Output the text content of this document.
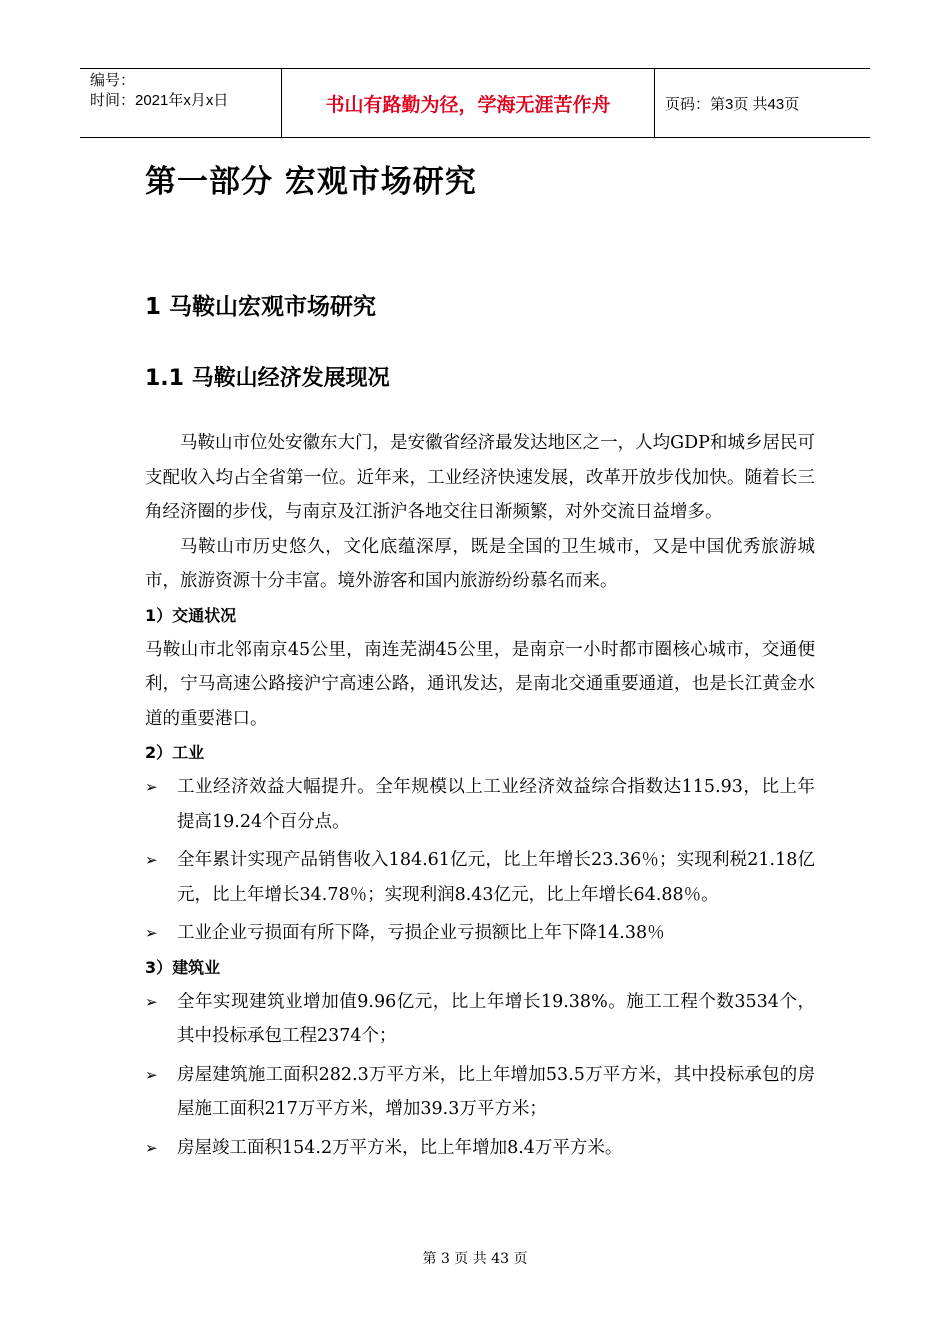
编号：
时间：2021年x月x日	书山有路勤为径，学海无涯苦作舟	页码：第3页 共43页
第一部分 宏观市场研究
1 马鞍山宏观市场研究
1.1 马鞍山经济发展现况

马鞍山市位处安徽东大门，是安徽省经济最发达地区之一，人均GDP和城乡居民可支配收入均占全省第一位。近年来，工业经济快速发展，改革开放步伐加快。随着长三角经济圈的步伐，与南京及江浙沪各地交往日渐频繁，对外交流日益增多。

马鞍山市历史悠久，文化底蕴深厚，既是全国的卫生城市，又是中国优秀旅游城市，旅游资源十分丰富。境外游客和国内旅游纷纷慕名而来。

1）交通状况

马鞍山市北邻南京45公里，南连芜湖45公里，是南京一小时都市圈核心城市，交通便利，宁马高速公路接沪宁高速公路，通讯发达，是南北交通重要通道，也是长江黄金水道的重要港口。

2）工业

➢ 工业经济效益大幅提升。全年规模以上工业经济效益综合指数达115.93，比上年提高19.24个百分点。
➢ 全年累计实现产品销售收入184.61亿元，比上年增长23.36％；实现利税21.18亿元，比上年增长34.78％；实现利润8.43亿元，比上年增长64.88％。
➢ 工业企业亏损面有所下降，亏损企业亏损额比上年下降14.38％

3）建筑业

➢ 全年实现建筑业增加值9.96亿元，比上年增长19.38%。施工工程个数3534个，其中投标承包工程2374个；
➢ 房屋建筑施工面积282.3万平方米，比上年增加53.5万平方米，其中投标承包的房屋施工面积217万平方米，增加39.3万平方米；
➢ 房屋竣工面积154.2万平方米，比上年增加8.4万平方米。
第 3 页 共 43 页
